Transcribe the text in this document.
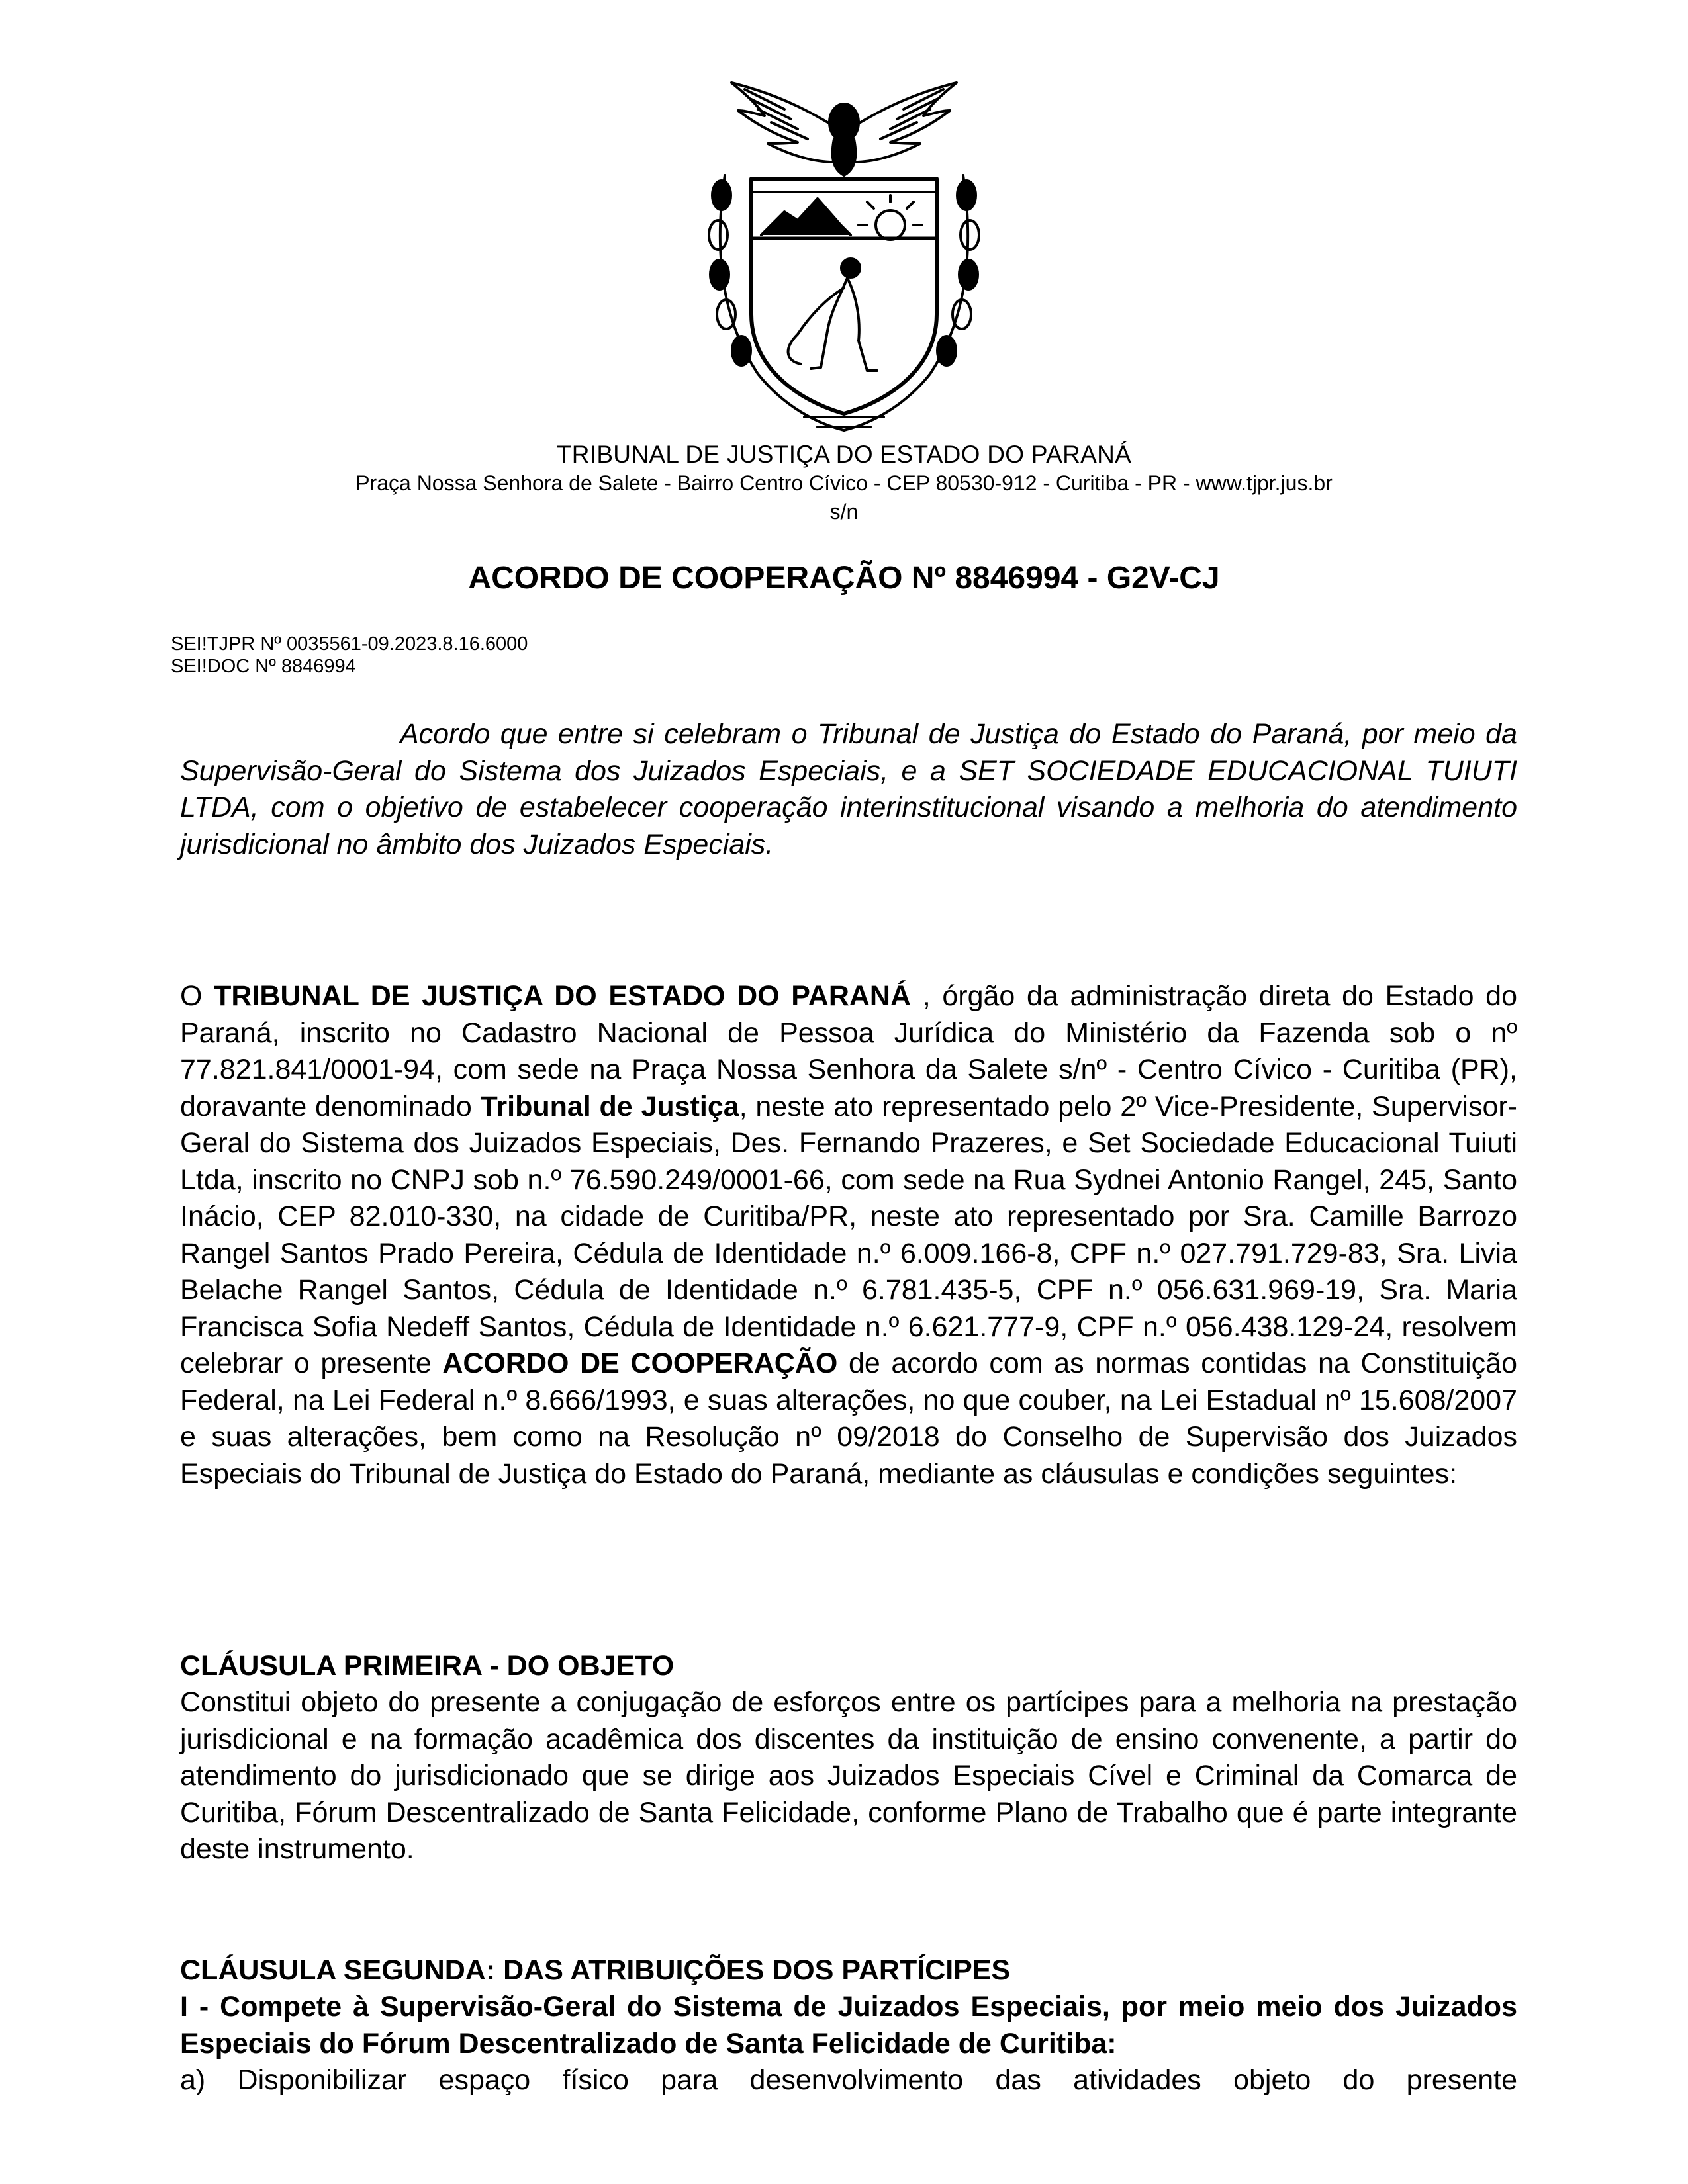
TRIBUNAL DE JUSTIÇA DO ESTADO DO PARANÁ
Praça Nossa Senhora de Salete - Bairro Centro Cívico - CEP 80530-912 - Curitiba - PR - www.tjpr.jus.br
s/n
ACORDO DE COOPERAÇÃO Nº 8846994 - G2V-CJ
SEI!TJPR Nº 0035561-09.2023.8.16.6000
SEI!DOC Nº 8846994
Acordo que entre si celebram o Tribunal de Justiça do Estado do Paraná, por meio da Supervisão-Geral do Sistema dos Juizados Especiais, e a SET SOCIEDADE EDUCACIONAL TUIUTI LTDA, com o objetivo de estabelecer cooperação interinstitucional visando a melhoria do atendimento jurisdicional no âmbito dos Juizados Especiais.
O TRIBUNAL DE JUSTIÇA DO ESTADO DO PARANÁ , órgão da administração direta do Estado do Paraná, inscrito no Cadastro Nacional de Pessoa Jurídica do Ministério da Fazenda sob o nº 77.821.841/0001-94, com sede na Praça Nossa Senhora da Salete s/nº - Centro Cívico - Curitiba (PR), doravante denominado Tribunal de Justiça, neste ato representado pelo 2º Vice-Presidente, Supervisor-Geral do Sistema dos Juizados Especiais, Des. Fernando Prazeres, e Set Sociedade Educacional Tuiuti Ltda, inscrito no CNPJ sob n.º 76.590.249/0001-66, com sede na Rua Sydnei Antonio Rangel, 245, Santo Inácio, CEP 82.010-330, na cidade de Curitiba/PR, neste ato representado por Sra. Camille Barrozo Rangel Santos Prado Pereira, Cédula de Identidade n.º 6.009.166-8, CPF n.º 027.791.729-83, Sra. Livia Belache Rangel Santos, Cédula de Identidade n.º 6.781.435-5, CPF n.º 056.631.969-19, Sra. Maria Francisca Sofia Nedeff Santos, Cédula de Identidade n.º 6.621.777-9, CPF n.º 056.438.129-24, resolvem celebrar o presente ACORDO DE COOPERAÇÃO de acordo com as normas contidas na Constituição Federal, na Lei Federal n.º 8.666/1993, e suas alterações, no que couber, na Lei Estadual nº 15.608/2007 e suas alterações, bem como na Resolução nº 09/2018 do Conselho de Supervisão dos Juizados Especiais do Tribunal de Justiça do Estado do Paraná, mediante as cláusulas e condições seguintes:
CLÁUSULA PRIMEIRA - DO OBJETO
Constitui objeto do presente a conjugação de esforços entre os partícipes para a melhoria na prestação jurisdicional e na formação acadêmica dos discentes da instituição de ensino convenente, a partir do atendimento do jurisdicionado que se dirige aos Juizados Especiais Cível e Criminal da Comarca de Curitiba, Fórum Descentralizado de Santa Felicidade, conforme Plano de Trabalho que é parte integrante deste instrumento.
CLÁUSULA SEGUNDA: DAS ATRIBUIÇÕES DOS PARTÍCIPES
I - Compete à Supervisão-Geral do Sistema de Juizados Especiais, por meio meio dos Juizados Especiais do Fórum Descentralizado de Santa Felicidade de Curitiba:
a) Disponibilizar espaço físico para desenvolvimento das atividades objeto do presente
